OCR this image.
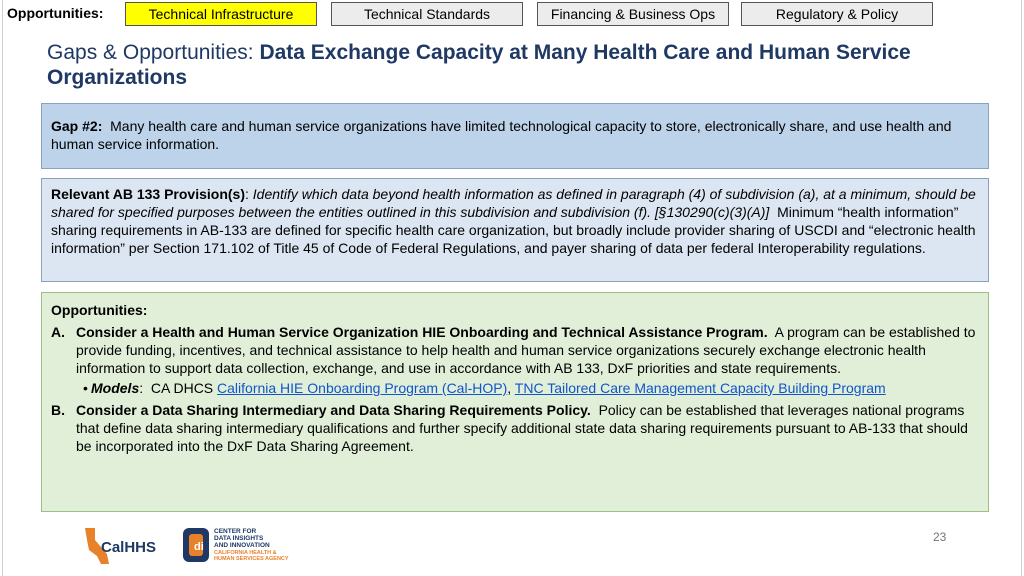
Opportunities:	Technical Infrastructure	Technical Standards	Financing & Business Ops	Regulatory & Policy
Gaps & Opportunities: Data Exchange Capacity at Many Health Care and Human Service Organizations
Gap #2: Many health care and human service organizations have limited technological capacity to store, electronically share, and use health and human service information.
Relevant AB 133 Provision(s): Identify which data beyond health information as defined in paragraph (4) of subdivision (a), at a minimum, should be shared for specified purposes between the entities outlined in this subdivision and subdivision (f). [§130290(c)(3)(A)] Minimum “health information” sharing requirements in AB-133 are defined for specific health care organization, but broadly include provider sharing of USCDI and “electronic health information” per Section 171.102 of Title 45 of Code of Federal Regulations, and payer sharing of data per federal Interoperability regulations.
Opportunities:
A. Consider a Health and Human Service Organization HIE Onboarding and Technical Assistance Program. A program can be established to provide funding, incentives, and technical assistance to help health and human service organizations securely exchange electronic health information to support data collection, exchange, and use in accordance with AB 133, DxF priorities and state requirements.
• Models:  CA DHCS California HIE Onboarding Program (Cal-HOP), TNC Tailored Care Management Capacity Building Program
B. Consider a Data Sharing Intermediary and Data Sharing Requirements Policy. Policy can be established that leverages national programs that define data sharing intermediary qualifications and further specify additional state data sharing requirements pursuant to AB-133 that should be incorporated into the DxF Data Sharing Agreement.
CalHHS	di
CENTER FOR
DATA INSIGHTS
AND INNOVATION
CALIFORNIA HEALTH &
HUMAN SERVICES AGENCY
23
